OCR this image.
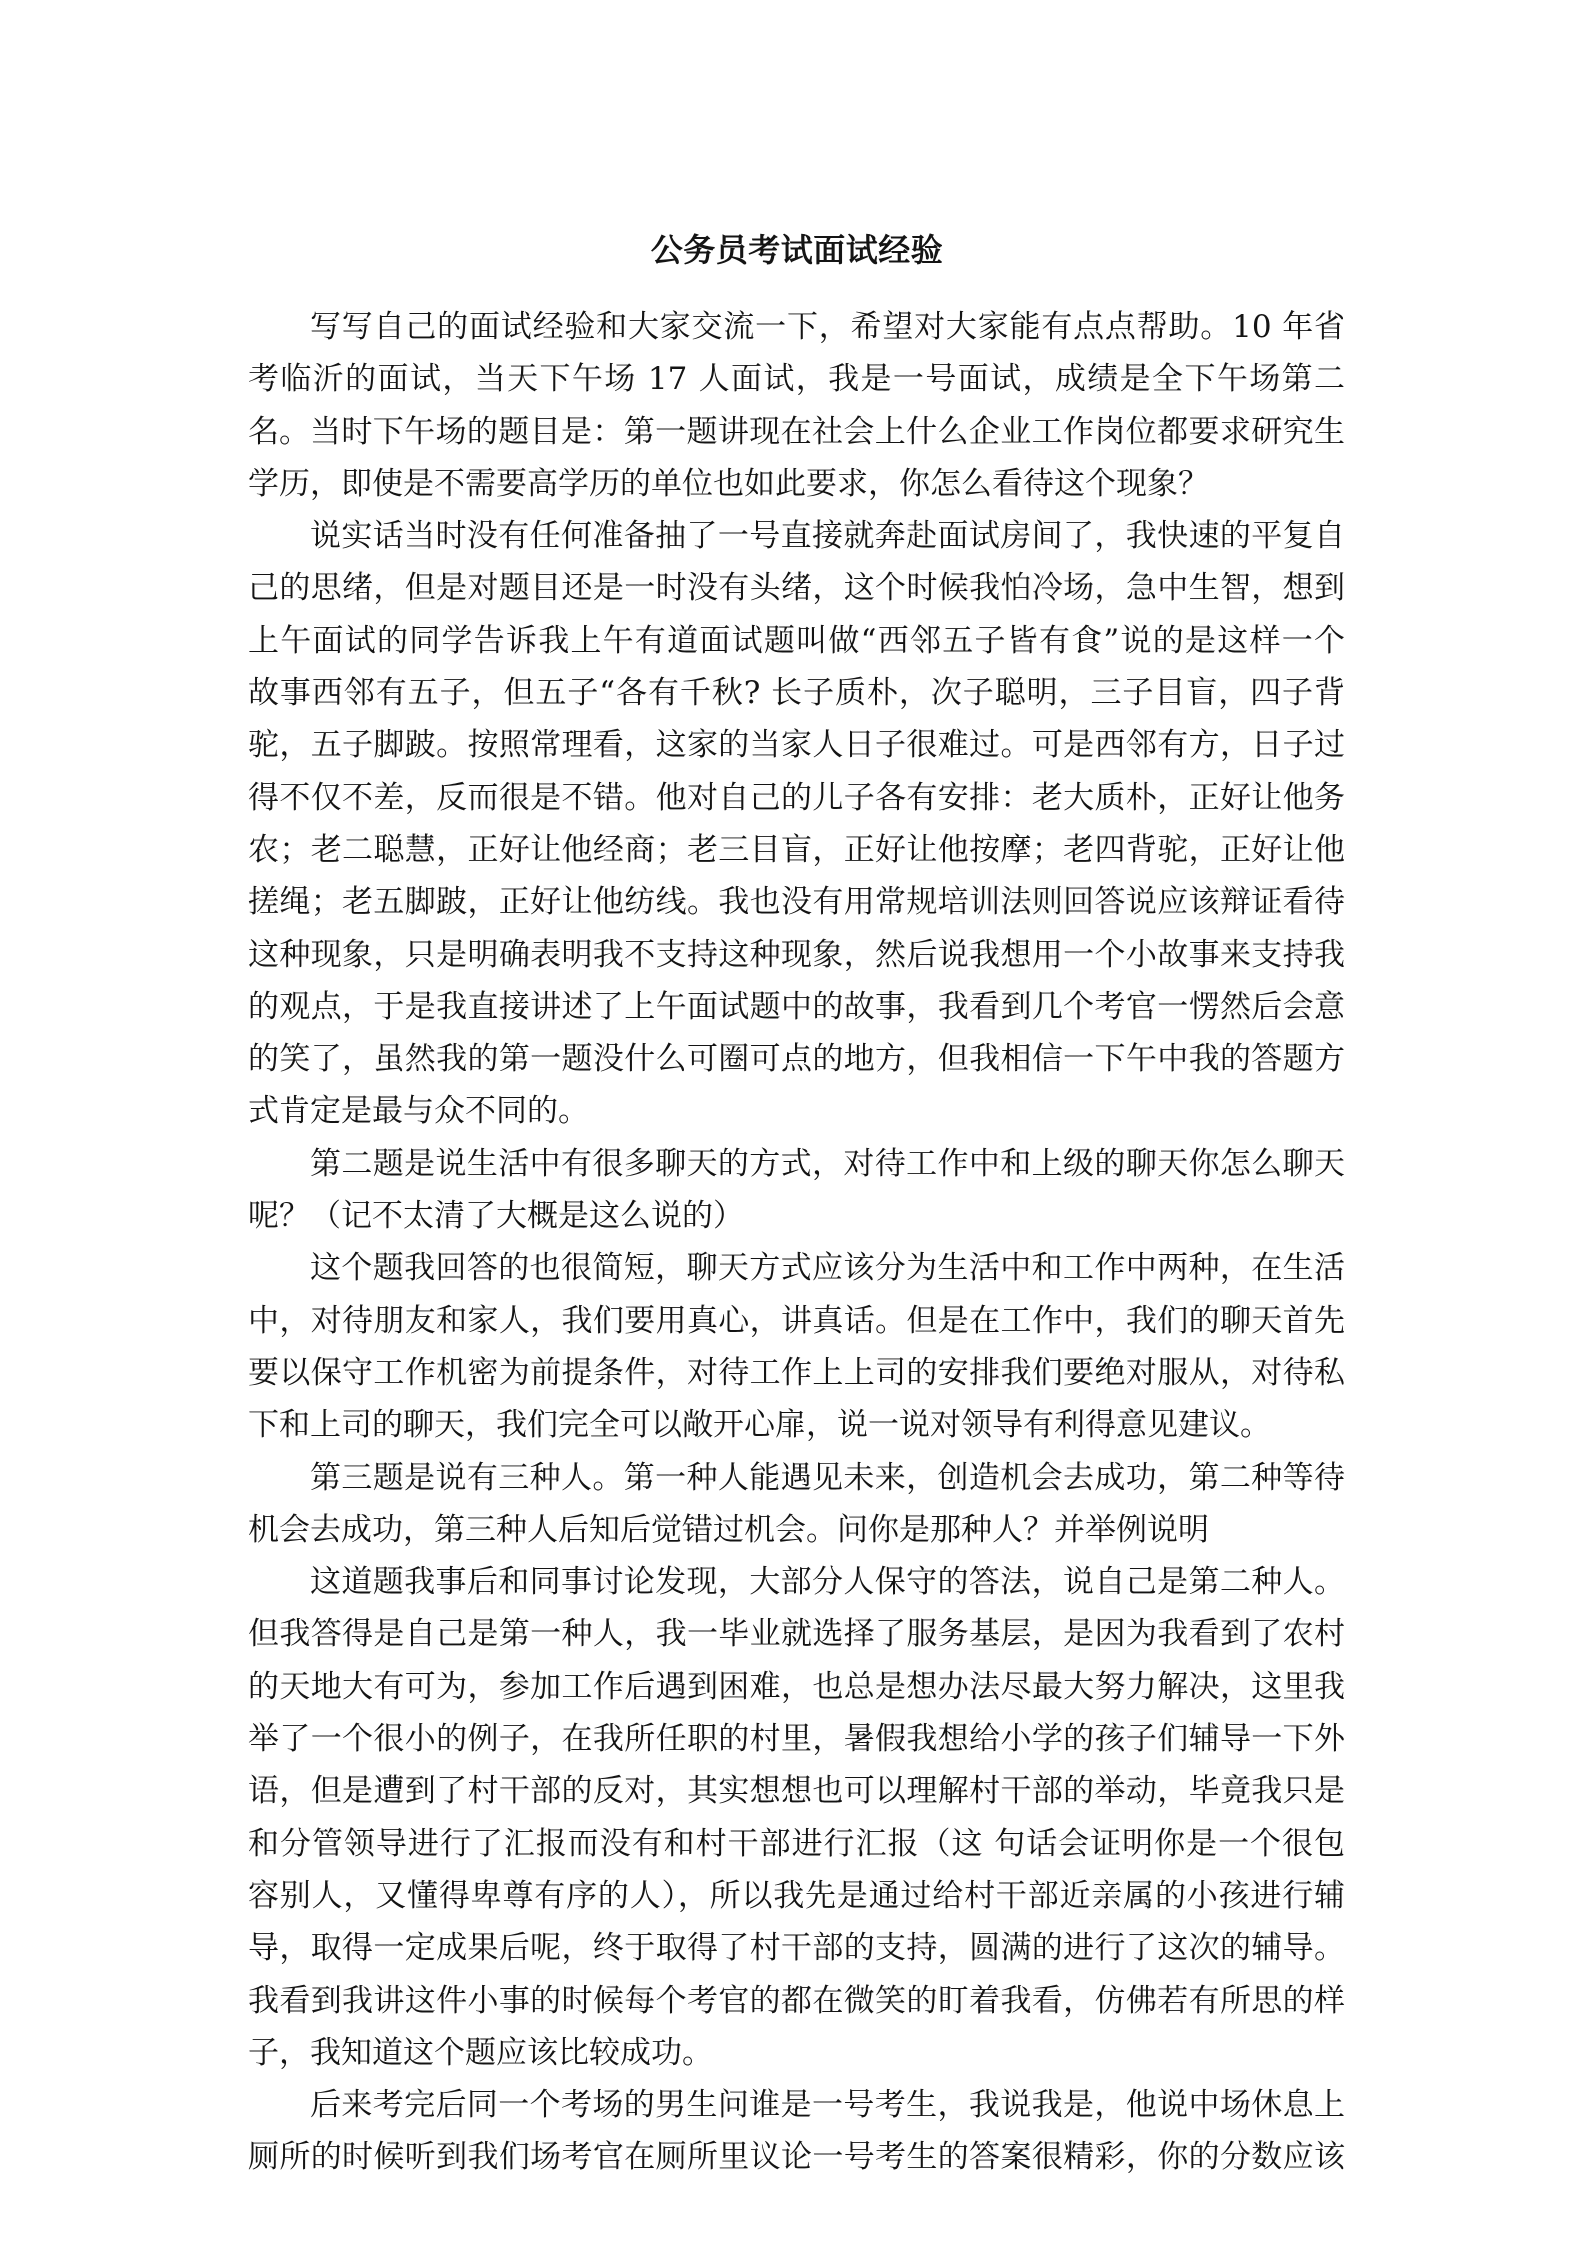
公务员考试面试经验
写写自己的面试经验和大家交流一下，希望对大家能有点点帮助。10 年省
考临沂的面试，当天下午场 17 人面试，我是一号面试，成绩是全下午场第二名。 当时下午场的题目是：第一题讲现在社会上什么企业工作岗位都要求研究生
学历，即使是不需要高学历的单位也如此要求，你怎么看待这个现象？
说实话当时没有任何准备抽了一号直接就奔赴面试房间了，我快速的平复自
己的思绪，但是对题目还是一时没有头绪，这个时候我怕冷场，急中生智，想到
上午面试的同学告诉我上午有道面试题叫做“西邻五子皆有食”说的是这样一个
故事西邻有五子，但五子“各有千秋? 长子质朴，次子聪明，三子目盲，四子背
驼，五子脚跛。按照常理看，这家的当家人日子很难过。可是西邻有方，日子过
得不仅不差，反而很是不错。他对自己的儿子各有安排：老大质朴，正好让他务
农；老二聪慧，正好让他经商；老三目盲，正好让他按摩；老四背驼，正好让他
搓绳；老五脚跛，正好让他纺线。我也没有用常规培训法则回答说应该辩证看待
这种现象，只是明确表明我不支持这种现象，然后说我想用一个小故事来支持我
的观点，于是我直接讲述了上午面试题中的故事，我看到几个考官一愣然后会意
的笑了，虽然我的第一题没什么可圈可点的地方，但我相信一下午中我的答题方
式肯定是最与众不同的。
第二题是说生活中有很多聊天的方式，对待工作中和上级的聊天你怎么聊天
呢？（记不太清了大概是这么说的）
这个题我回答的也很简短，聊天方式应该分为生活中和工作中两种，在生活
中，对待朋友和家人，我们要用真心，讲真话。但是在工作中，我们的聊天首先
要以保守工作机密为前提条件，对待工作上上司的安排我们要绝对服从，对待私
下和上司的聊天，我们完全可以敞开心扉，说一说对领导有利得意见建议。
第三题是说有三种人。第一种人能遇见未来，创造机会去成功，第二种等待
机会去成功，第三种人后知后觉错过机会。问你是那种人？并举例说明
这道题我事后和同事讨论发现，大部分人保守的答法，说自己是第二种人。
但我答得是自己是第一种人，我一毕业就选择了服务基层，是因为我看到了农村
的天地大有可为，参加工作后遇到困难，也总是想办法尽最大努力解决，这里我
举了一个很小的例子，在我所任职的村里，暑假我想给小学的孩子们辅导一下外
语，但是遭到了村干部的反对，其实想想也可以理解村干部的举动，毕竟我只是
和分管领导进行了汇报而没有和村干部进行汇报（这 句话会证明你是一个很包
容别人，又懂得卑尊有序的人），所以我先是通过给村干部近亲属的小孩进行辅
导，取得一定成果后呢，终于取得了村干部的支持，圆满的进行了这次的辅导。
我看到我讲这件小事的时候每个考官的都在微笑的盯着我看，仿佛若有所思的样
子，我知道这个题应该比较成功。
后来考完后同一个考场的男生问谁是一号考生，我说我是，他说中场休息上
厕所的时候听到我们场考官在厕所里议论一号考生的答案很精彩，你的分数应该
